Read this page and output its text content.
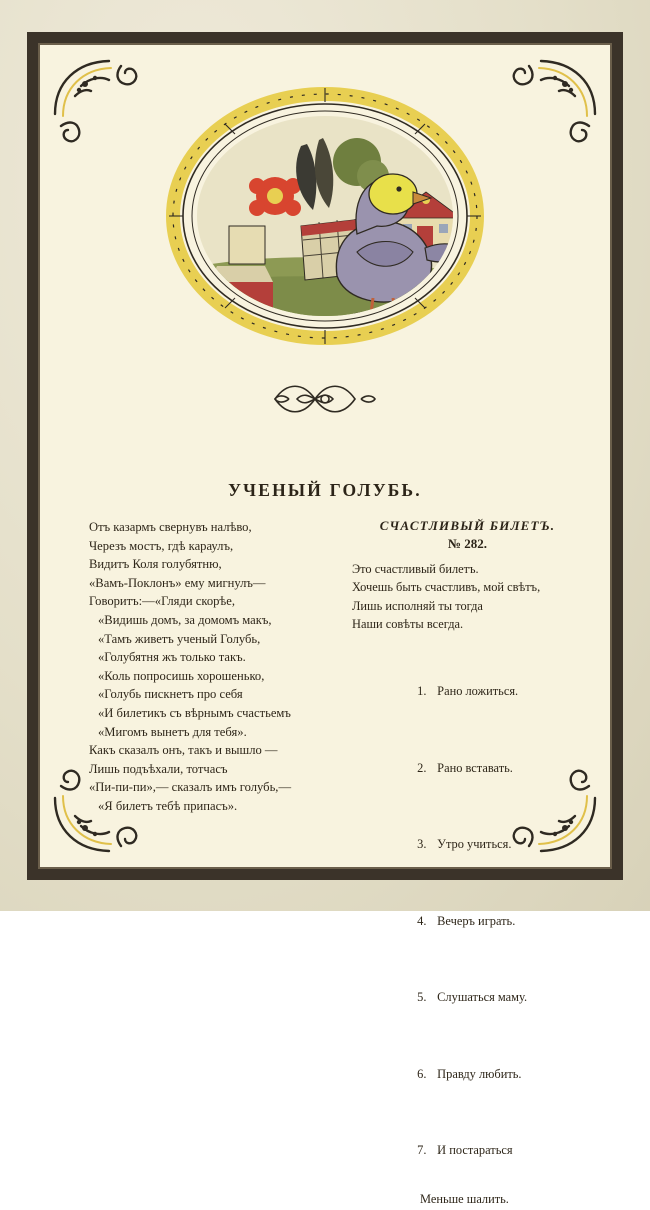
УЧЕНЫЙ ГОЛУБЬ.
Отъ казармъ свернувъ налѣво,
Черезъ мостъ, гдѣ караулъ,
Видитъ Коля голубятню,
«Вамъ-Поклонъ» ему мигнулъ—
Говоритъ:—«Гляди скорѣе,
«Видишь домъ, за домомъ макъ,
«Тамъ живетъ ученый Голубь,
«Голубятня жъ только такъ.
«Коль попросишь хорошенько,
«Голубь пискнетъ про себя
«И билетикъ съ вѣрнымъ счастьемъ
«Мигомъ вынетъ для тебя».
Какъ сказалъ онъ, такъ и вышло —
Лишь подъѣхали, тотчасъ
«Пи-пи-пи»,— сказалъ имъ голубь,—
«Я билетъ тебѣ припасъ».
СЧАСТЛИВЫЙ БИЛЕТЪ.
№ 282.
Это счастливый билетъ.
Хочешь быть счастливъ, мой свѣтъ,
Лишь исполняй ты тогда
Наши совѣты всегда.

1. Рано ложиться.

2. Рано вставать.

3. Утро учиться.

4. Вечеръ играть.

5. Слушаться маму.

6. Правду любить.

7. И постараться

Меньше шалить.
